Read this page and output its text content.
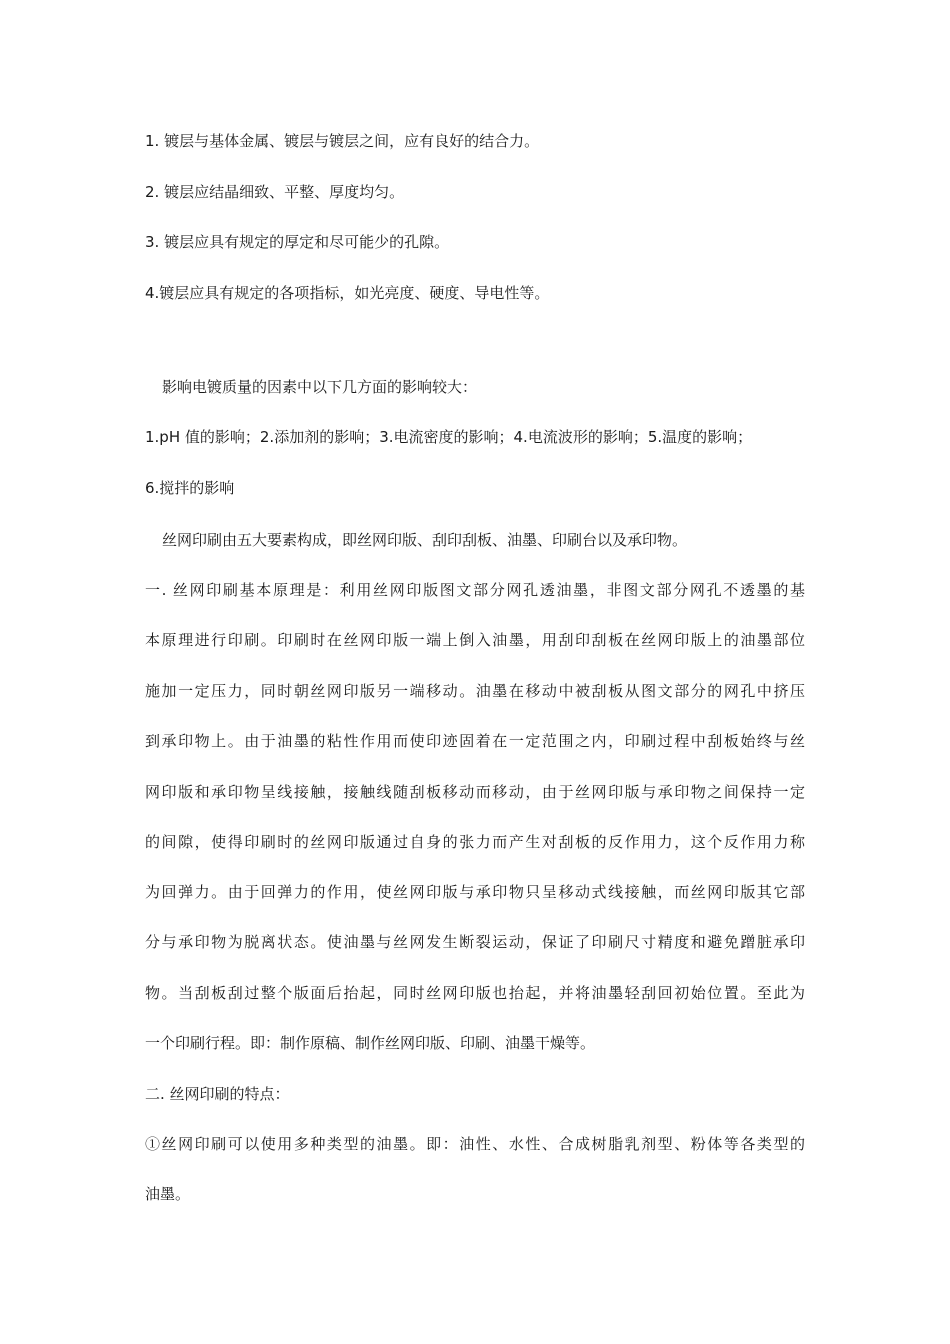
1. 镀层与基体金属、镀层与镀层之间，应有良好的结合力。
2. 镀层应结晶细致、平整、厚度均匀。
3. 镀层应具有规定的厚定和尽可能少的孔隙。
4.镀层应具有规定的各项指标，如光亮度、硬度、导电性等。
影响电镀质量的因素中以下几方面的影响较大：
1.pH 值的影响；2.添加剂的影响；3.电流密度的影响；4.电流波形的影响；5.温度的影响；
6.搅拌的影响
丝网印刷由五大要素构成，即丝网印版、刮印刮板、油墨、印刷台以及承印物。
一. 丝网印刷基本原理是：利用丝网印版图文部分网孔透油墨，非图文部分网孔不透墨的基
本原理进行印刷。印刷时在丝网印版一端上倒入油墨，用刮印刮板在丝网印版上的油墨部位
施加一定压力，同时朝丝网印版另一端移动。油墨在移动中被刮板从图文部分的网孔中挤压
到承印物上。由于油墨的粘性作用而使印迹固着在一定范围之内，印刷过程中刮板始终与丝
网印版和承印物呈线接触，接触线随刮板移动而移动，由于丝网印版与承印物之间保持一定
的间隙，使得印刷时的丝网印版通过自身的张力而产生对刮板的反作用力，这个反作用力称
为回弹力。由于回弹力的作用，使丝网印版与承印物只呈移动式线接触，而丝网印版其它部
分与承印物为脱离状态。使油墨与丝网发生断裂运动，保证了印刷尺寸精度和避免蹭脏承印
物。当刮板刮过整个版面后抬起，同时丝网印版也抬起，并将油墨轻刮回初始位置。至此为
一个印刷行程。即：制作原稿、制作丝网印版、印刷、油墨干燥等。
二. 丝网印刷的特点：
①丝网印刷可以使用多种类型的油墨。即：油性、水性、合成树脂乳剂型、粉体等各类型的
油墨。
